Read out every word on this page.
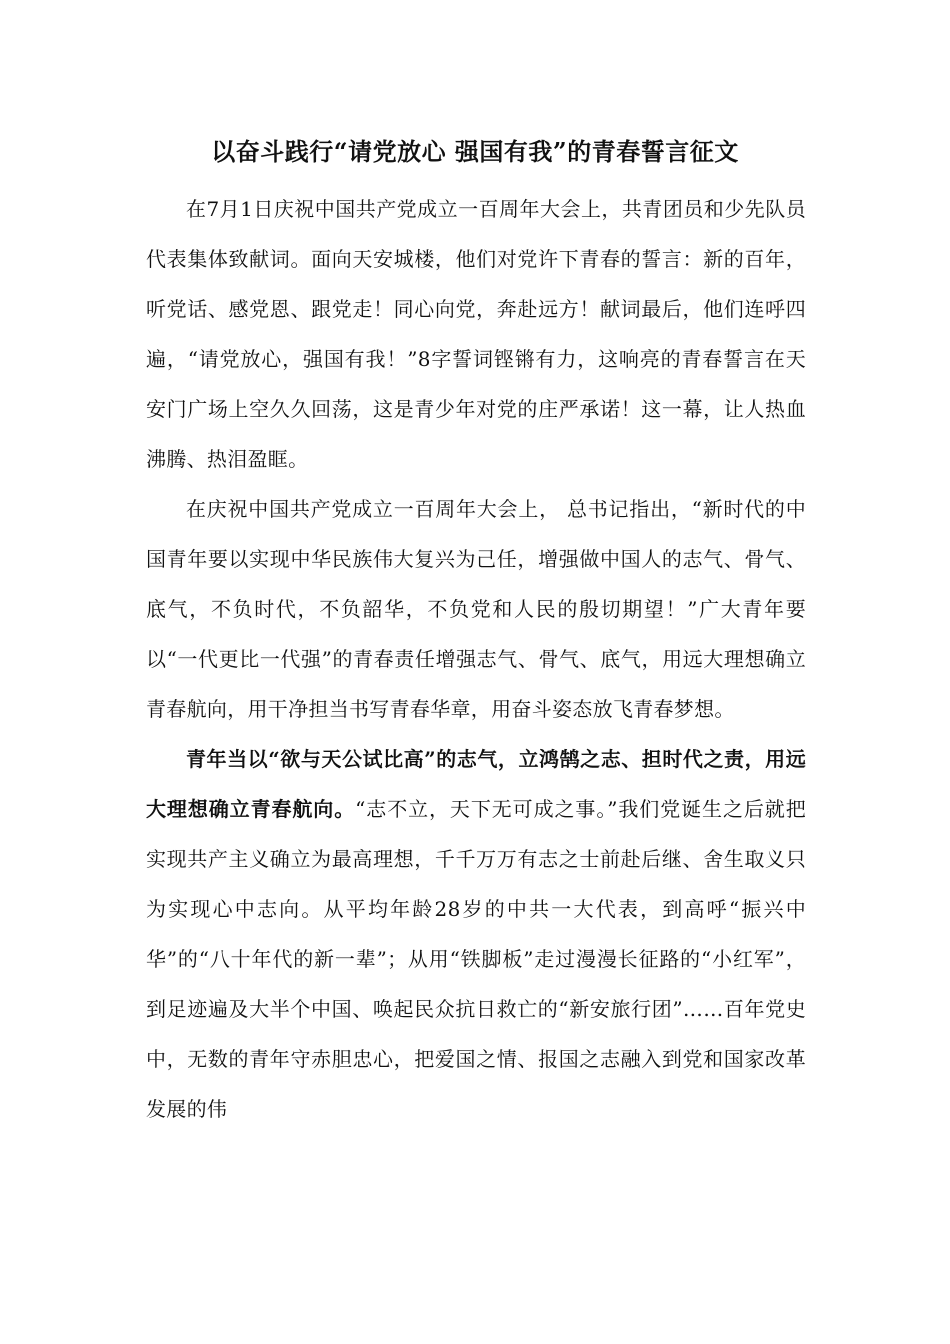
以奋斗践行“请党放心 强国有我”的青春誓言征文

在7月1日庆祝中国共产党成立一百周年大会上，共青团员和少先队员代表集体致献词。面向天安城楼，他们对党许下青春的誓言：新的百年，听党话、感党恩、跟党走！同心向党，奔赴远方！献词最后，他们连呼四遍，“请党放心，强国有我！”8字誓词铿锵有力，这响亮的青春誓言在天安门广场上空久久回荡，这是青少年对党的庄严承诺！这一幕，让人热血沸腾、热泪盈眶。

在庆祝中国共产党成立一百周年大会上， 总书记指出，“新时代的中国青年要以实现中华民族伟大复兴为己任，增强做中国人的志气、骨气、底气，不负时代，不负韶华，不负党和人民的殷切期望！”广大青年要以“一代更比一代强”的青春责任增强志气、骨气、底气，用远大理想确立青春航向，用干净担当书写青春华章，用奋斗姿态放飞青春梦想。

青年当以“欲与天公试比高”的志气，立鸿鹄之志、担时代之责，用远大理想确立青春航向。“志不立，天下无可成之事。”我们党诞生之后就把实现共产主义确立为最高理想，千千万万有志之士前赴后继、舍生取义只为实现心中志向。从平均年龄28岁的中共一大代表，到高呼“振兴中华”的“八十年代的新一辈”；从用“铁脚板”走过漫漫长征路的“小红军”，到足迹遍及大半个中国、唤起民众抗日救亡的“新安旅行团”……百年党史中，无数的青年守赤胆忠心，把爱国之情、报国之志融入到党和国家改革发展的伟
